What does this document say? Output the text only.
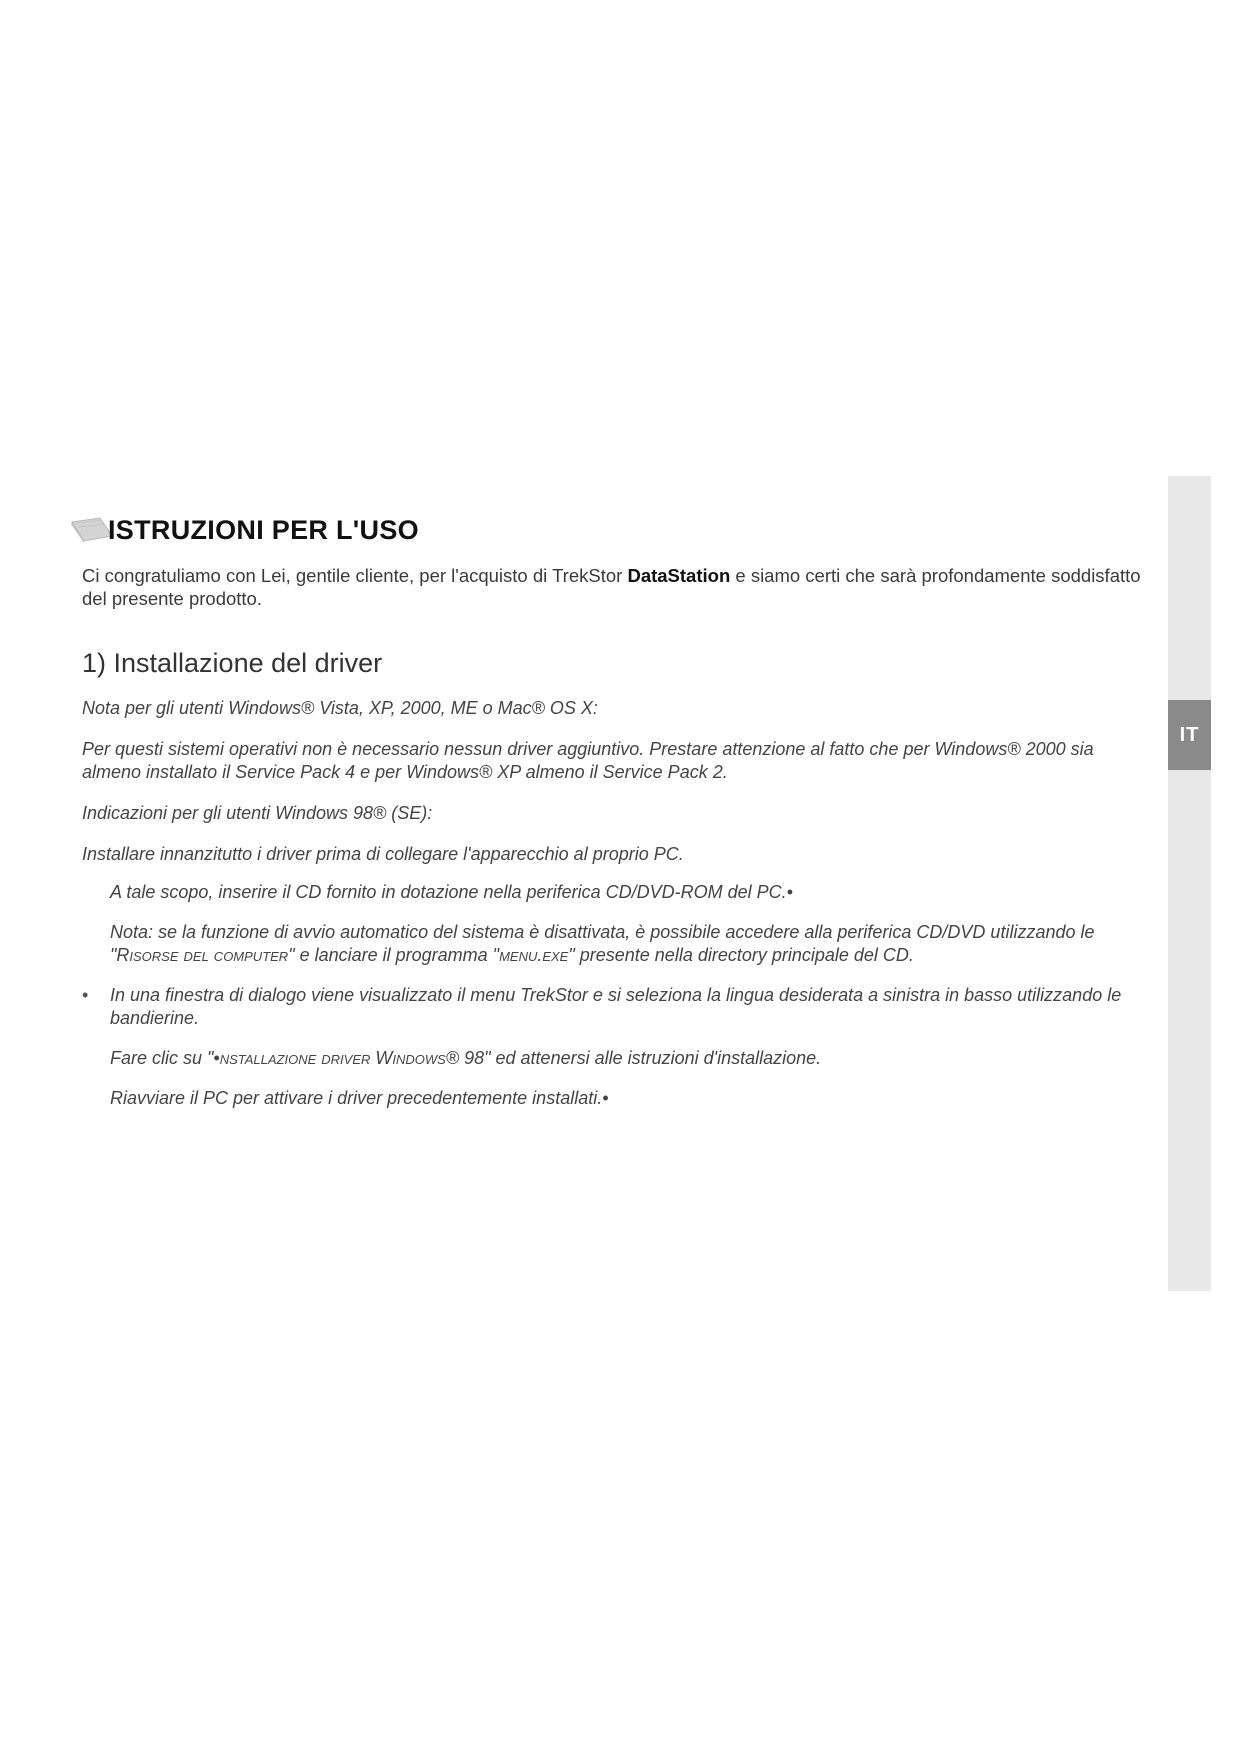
IT
ISTRUZIONI PER L'USO
Ci congratuliamo con Lei, gentile cliente, per l'acquisto di TrekStor DataStation e siamo certi che sarà profondamente soddisfatto del presente prodotto.
1) Installazione del driver
Nota per gli utenti Windows® Vista, XP, 2000, ME o Mac® OS X:
Per questi sistemi operativi non è necessario nessun driver aggiuntivo. Prestare attenzione al fatto che per Windows® 2000 sia almeno installato il Service Pack 4 e per Windows® XP almeno il Service Pack 2.
Indicazioni per gli utenti Windows 98® (SE):
Installare innanzitutto i driver prima di collegare l'apparecchio al proprio PC.
A tale scopo, inserire il CD fornito in dotazione nella periferica CD/DVD-ROM del PC.•
Nota: se la funzione di avvio automatico del sistema è disattivata, è possibile accedere alla periferica CD/DVD utilizzando le "Risorse del computer" e lanciare il programma "menu.exe" presente nella directory principale del CD.
• In una finestra di dialogo viene visualizzato il menu TrekStor e si seleziona la lingua desiderata a sinistra in basso utilizzando le bandierine.
Fare clic su "•nstallazione driver Windows® 98" ed attenersi alle istruzioni d'installazione.
Riavviare il PC per attivare i driver precedentemente installati.•
